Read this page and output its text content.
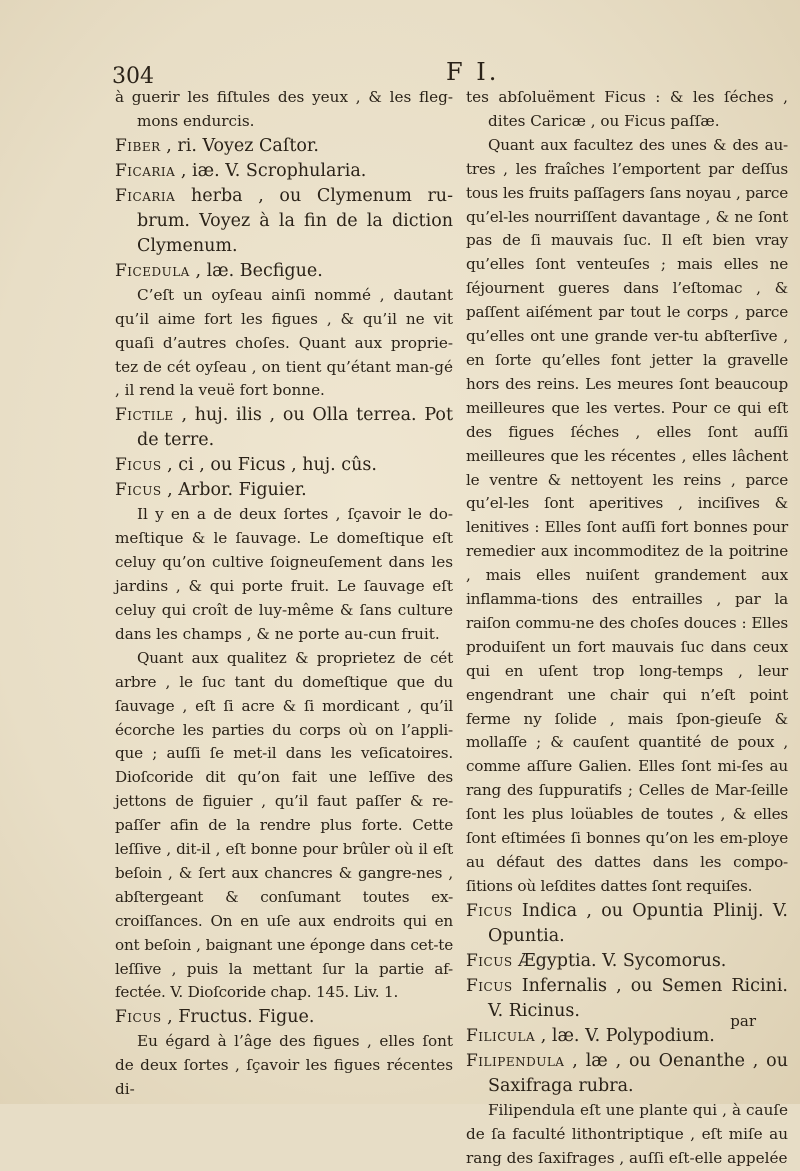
304	F I.

à guerir les fiſtules des yeux , & les fleg-mons endurcis.

Fiber , ri. Voyez Caſtor.

Ficaria , iæ. V. Scrophularia.

Ficaria herba , ou Clymenum ru-brum. Voyez à la fin de la diction Clymenum.

Ficedula , læ. Becfigue.

C’eſt un oyſeau ainſi nommé , dautant qu’il aime fort les figues , & qu’il ne vit quaſi d’autres choſes. Quant aux proprie-tez de cét oyſeau , on tient qu’étant man-gé , il rend la veuë fort bonne.

Fictile , huj. ilis , ou Olla terrea. Pot de terre.

Ficus , ci , ou Ficus , huj. cûs.

Ficus , Arbor. Figuier.

Il y en a de deux ſortes , ſçavoir le do-meſtique & le ſauvage. Le domeſtique eſt celuy qu’on cultive ſoigneuſement dans les jardins , & qui porte fruit. Le ſauvage eſt celuy qui croît de luy-même & ſans culture dans les champs , & ne porte au-cun fruit.

Quant aux qualitez & proprietez de cét arbre , le ſuc tant du domeſtique que du ſauvage , eſt ſi acre & ſi mordicant , qu’il écorche les parties du corps où on l’appli-que ; auſſi ſe met-il dans les veſicatoires. Dioſcoride dit qu’on fait une leſſive des jettons de figuier , qu’il faut paſſer & re-paſſer afin de la rendre plus forte. Cette leſſive , dit-il , eſt bonne pour brûler où il eſt beſoin , & ſert aux chancres & gangre-nes , abſtergeant & conſumant toutes ex-croiſſances. On en uſe aux endroits qui en ont beſoin , baignant une éponge dans cet-te leſſive , puis la mettant ſur la partie af-fectée. V. Dioſcoride chap. 145. Liv. 1.

Ficus , Fructus. Figue.

Eu égard à l’âge des figues , elles ſont de deux ſortes , ſçavoir les figues récentes di-

tes abſoluëment Ficus : & les ſéches , dites Caricæ , ou Ficus paſſæ.

Quant aux facultez des unes & des au-tres , les fraîches l’emportent par deſſus tous les fruits paſſagers ſans noyau , parce qu’el-les nourriſſent davantage , & ne ſont pas de ſi mauvais ſuc. Il eſt bien vray qu’elles ſont venteuſes ; mais elles ne ſéjournent gueres dans l’eſtomac , & paſſent aiſément par tout le corps , parce qu’elles ont une grande ver-tu abſterſive , en ſorte qu’elles font jetter la gravelle hors des reins. Les meures ſont beaucoup meilleures que les vertes. Pour ce qui eſt des figues ſéches , elles ſont auſſi meilleures que les récentes , elles lâchent le ventre & nettoyent les reins , parce qu’el-les ſont aperitives , inciſives & lenitives : Elles ſont auſſi fort bonnes pour remedier aux incommoditez de la poitrine , mais elles nuiſent grandement aux inflamma-tions des entrailles , par la raiſon commu-ne des choſes douces : Elles produiſent un fort mauvais ſuc dans ceux qui en uſent trop long-temps , leur engendrant une chair qui n’eſt point ferme ny ſolide , mais ſpon-gieuſe & mollaſſe ; & cauſent quantité de poux , comme aſſure Galien. Elles ſont mi-ſes au rang des ſuppuratifs ; Celles de Mar-ſeille ſont les plus loüables de toutes , & elles ſont eſtimées ſi bonnes qu’on les em-ploye au défaut des dattes dans les compo-ſitions où leſdites dattes ſont requiſes.

Ficus Indica , ou Opuntia Plinij. V. Opuntia.

Ficus Ægyptia. V. Sycomorus.

Ficus Infernalis , ou Semen Ricini. V. Ricinus.

Filicula , læ. V. Polypodium.

Filipendula , læ , ou Oenanthe , ou Saxifraga rubra.

Filipendula eſt une plante qui , à cauſe de ſa faculté lithontriptique , eſt miſe au rang des ſaxifrages , auſſi eſt-elle appelée

par
